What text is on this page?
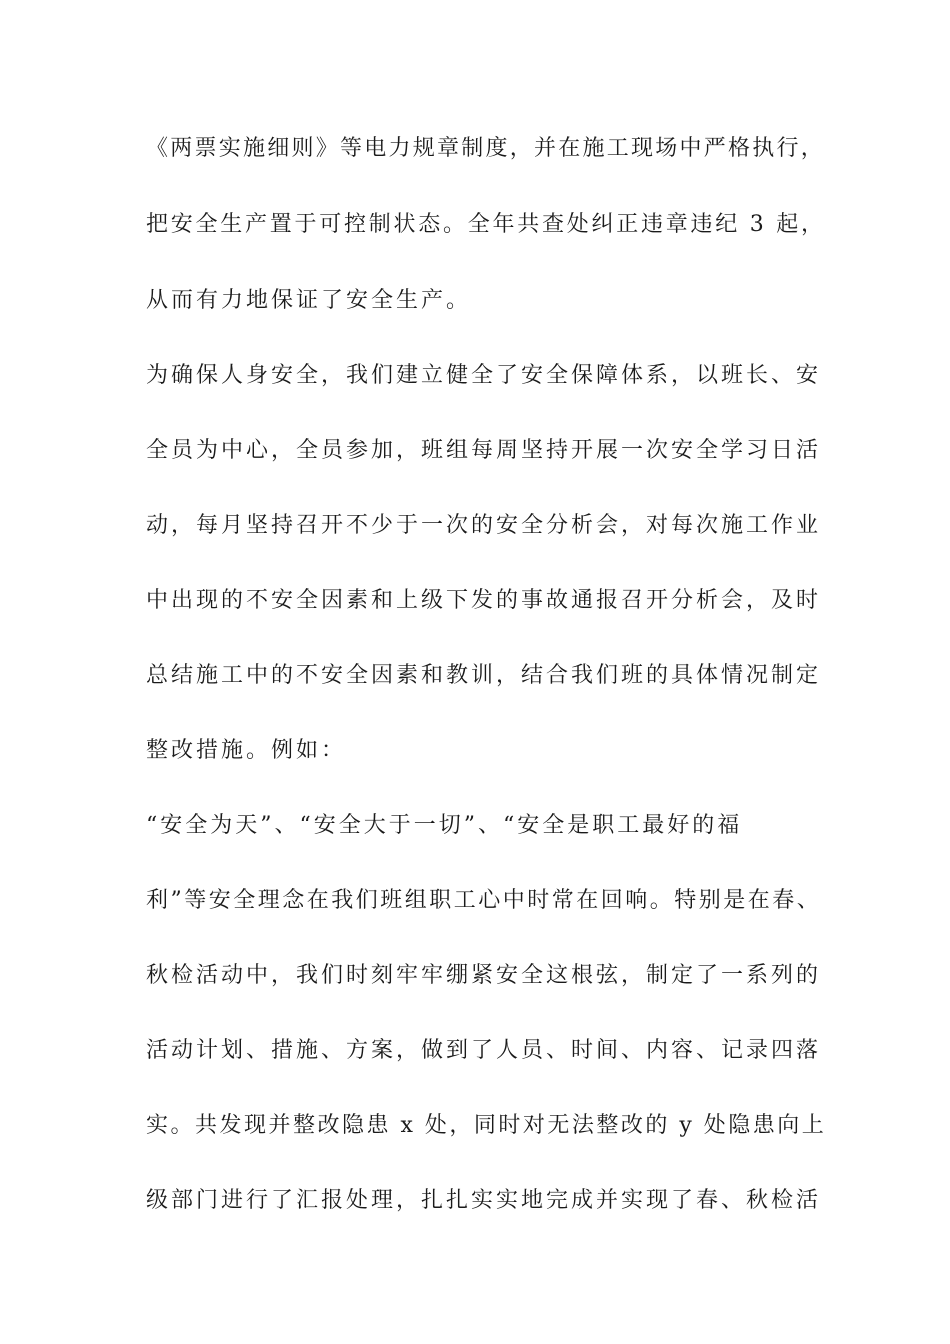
《两票实施细则》等电力规章制度，并在施工现场中严格执行，
把安全生产置于可控制状态。全年共查处纠正违章违纪 3 起，
从而有力地保证了安全生产。
为确保人身安全，我们建立健全了安全保障体系，以班长、安
全员为中心，全员参加，班组每周坚持开展一次安全学习日活
动，每月坚持召开不少于一次的安全分析会，对每次施工作业
中出现的不安全因素和上级下发的事故通报召开分析会，及时
总结施工中的不安全因素和教训，结合我们班的具体情况制定
整改措施。例如：
“安全为天”、“安全大于一切”、“安全是职工最好的福
利”等安全理念在我们班组职工心中时常在回响。特别是在春、
秋检活动中，我们时刻牢牢绷紧安全这根弦，制定了一系列的
活动计划、措施、方案，做到了人员、时间、内容、记录四落
实。共发现并整改隐患 x 处，同时对无法整改的 y 处隐患向上
级部门进行了汇报处理，扎扎实实地完成并实现了春、秋检活
